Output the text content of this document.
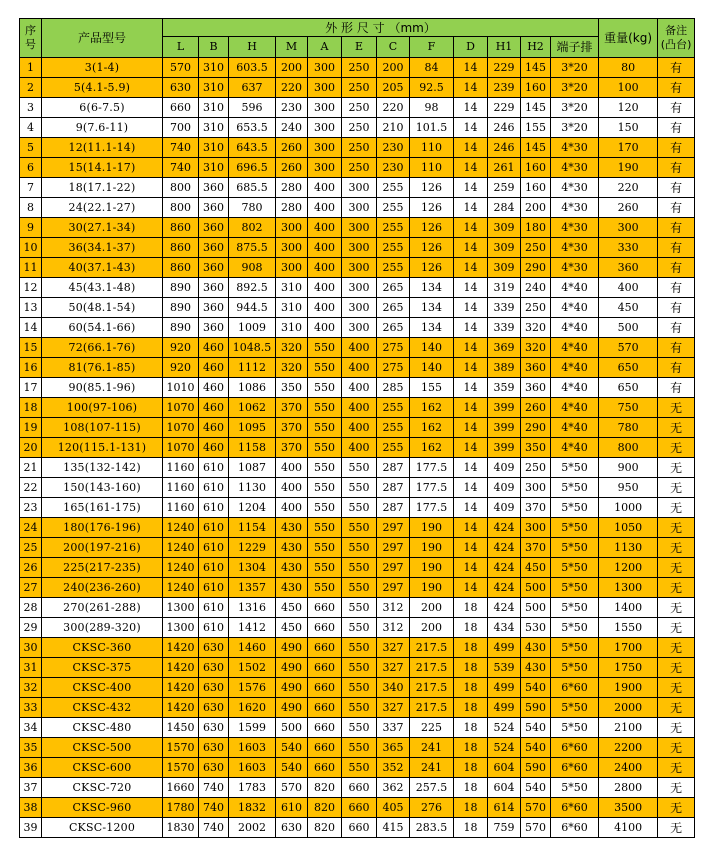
序号	产品型号	外 形 尺 寸 （mm）												重量(kg)	备注(凸台)
		L	B	H	M	A	E	C	F	D	H1	H2	端子排		
1	3(1-4)	570	310	603.5	200	300	250	200	84	14	229	145	3*20	80	有
2	5(4.1-5.9)	630	310	637	220	300	250	205	92.5	14	239	160	3*20	100	有
3	6(6-7.5)	660	310	596	230	300	250	220	98	14	229	145	3*20	120	有
4	9(7.6-11)	700	310	653.5	240	300	250	210	101.5	14	246	155	3*20	150	有
5	12(11.1-14)	740	310	643.5	260	300	250	230	110	14	246	145	4*30	170	有
6	15(14.1-17)	740	310	696.5	260	300	250	230	110	14	261	160	4*30	190	有
7	18(17.1-22)	800	360	685.5	280	400	300	255	126	14	259	160	4*30	220	有
8	24(22.1-27)	800	360	780	280	400	300	255	126	14	284	200	4*30	260	有
9	30(27.1-34)	860	360	802	300	400	300	255	126	14	309	180	4*30	300	有
10	36(34.1-37)	860	360	875.5	300	400	300	255	126	14	309	250	4*30	330	有
11	40(37.1-43)	860	360	908	300	400	300	255	126	14	309	290	4*30	360	有
12	45(43.1-48)	890	360	892.5	310	400	300	265	134	14	319	240	4*40	400	有
13	50(48.1-54)	890	360	944.5	310	400	300	265	134	14	339	250	4*40	450	有
14	60(54.1-66)	890	360	1009	310	400	300	265	134	14	339	320	4*40	500	有
15	72(66.1-76)	920	460	1048.5	320	550	400	275	140	14	369	320	4*40	570	有
16	81(76.1-85)	920	460	1112	320	550	400	275	140	14	389	360	4*40	650	有
17	90(85.1-96)	1010	460	1086	350	550	400	285	155	14	359	360	4*40	650	有
18	100(97-106)	1070	460	1062	370	550	400	255	162	14	399	260	4*40	750	无
19	108(107-115)	1070	460	1095	370	550	400	255	162	14	399	290	4*40	780	无
20	120(115.1-131)	1070	460	1158	370	550	400	255	162	14	399	350	4*40	800	无
21	135(132-142)	1160	610	1087	400	550	550	287	177.5	14	409	250	5*50	900	无
22	150(143-160)	1160	610	1130	400	550	550	287	177.5	14	409	300	5*50	950	无
23	165(161-175)	1160	610	1204	400	550	550	287	177.5	14	409	370	5*50	1000	无
24	180(176-196)	1240	610	1154	430	550	550	297	190	14	424	300	5*50	1050	无
25	200(197-216)	1240	610	1229	430	550	550	297	190	14	424	370	5*50	1130	无
26	225(217-235)	1240	610	1304	430	550	550	297	190	14	424	450	5*50	1200	无
27	240(236-260)	1240	610	1357	430	550	550	297	190	14	424	500	5*50	1300	无
28	270(261-288)	1300	610	1316	450	660	550	312	200	18	424	500	5*50	1400	无
29	300(289-320)	1300	610	1412	450	660	550	312	200	18	434	530	5*50	1550	无
30	CKSC-360	1420	630	1460	490	660	550	327	217.5	18	499	430	5*50	1700	无
31	CKSC-375	1420	630	1502	490	660	550	327	217.5	18	539	430	5*50	1750	无
32	CKSC-400	1420	630	1576	490	660	550	340	217.5	18	499	540	6*60	1900	无
33	CKSC-432	1420	630	1620	490	660	550	327	217.5	18	499	590	5*50	2000	无
34	CKSC-480	1450	630	1599	500	660	550	337	225	18	524	540	5*50	2100	无
35	CKSC-500	1570	630	1603	540	660	550	365	241	18	524	540	6*60	2200	无
36	CKSC-600	1570	630	1603	540	660	550	352	241	18	604	590	6*60	2400	无
37	CKSC-720	1660	740	1783	570	820	660	362	257.5	18	604	540	5*50	2800	无
38	CKSC-960	1780	740	1832	610	820	660	405	276	18	614	570	6*60	3500	无
39	CKSC-1200	1830	740	2002	630	820	660	415	283.5	18	759	570	6*60	4100	无
